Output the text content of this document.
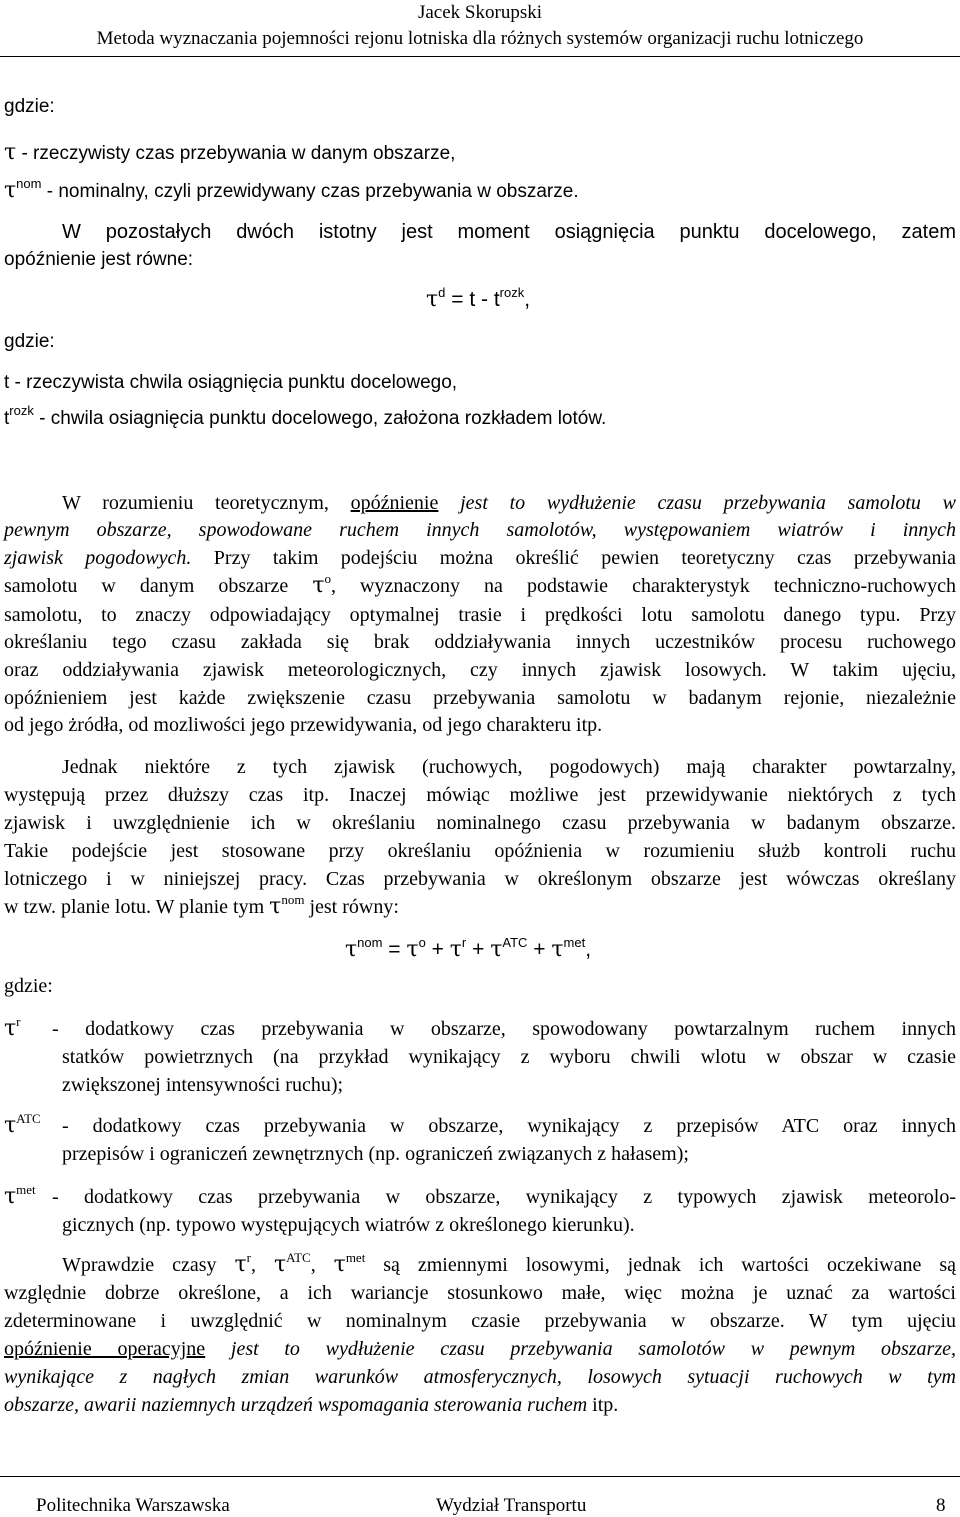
Jacek Skorupski
Metoda wyznaczania pojemności rejonu lotniska dla różnych systemów organizacji ruchu lotniczego
gdzie:
τ - rzeczywisty czas przebywania w danym obszarze,
$\tau^{nom}$ - nominalny, czyli przewidywany czas przebywania w obszarze.
W pozostałych dwóch istotny jest moment osiągnięcia punktu docelowego, zatem
opóźnienie jest równe:
$\tau^d = t - t^{rozk}$,
gdzie:
t - rzeczywista chwila osiągnięcia punktu docelowego,
$t^{rozk}$ - chwila osiagnięcia punktu docelowego, założona rozkładem lotów.
W rozumieniu teoretycznym, opóźnienie jest to wydłużenie czasu przebywania samolotu w
pewnym obszarze, spowodowane ruchem innych samolotów, występowaniem wiatrów i innych
zjawisk pogodowych. Przy takim podejściu można określić pewien teoretyczny czas przebywania
samolotu w danym obszarze $\tau^o$, wyznaczony na podstawie charakterystyk techniczno-ruchowych
samolotu, to znaczy odpowiadający optymalnej trasie i prędkości lotu samolotu danego typu. Przy
określaniu tego czasu zakłada się brak oddziaływania innych uczestników procesu ruchowego
oraz oddziaływania zjawisk meteorologicznych, czy innych zjawisk losowych. W takim ujęciu,
opóźnieniem jest każde zwiększenie czasu przebywania samolotu w badanym rejonie, niezależnie
od jego żródła, od mozliwości jego przewidywania, od jego charakteru itp.
Jednak niektóre z tych zjawisk (ruchowych, pogodowych) mają charakter powtarzalny,
występują przez dłuższy czas itp. Inaczej mówiąc możliwe jest przewidywanie niektórych z tych
zjawisk i uwzględnienie ich w określaniu nominalnego czasu przebywania w badanym obszarze.
Takie podejście jest stosowane przy określaniu opóźnienia w rozumieniu służb kontroli ruchu
lotniczego i w niniejszej pracy. Czas przebywania w określonym obszarze jest wówczas określany
w tzw. planie lotu. W planie tym $\tau^{nom}$ jest równy:
$\tau^{nom} = \tau^o + \tau^r + \tau^{ATC} + \tau^{met}$,
gdzie:
$\tau^r$ - dodatkowy czas przebywania w obszarze, spowodowany powtarzalnym ruchem innych
statków powietrznych (na przykład wynikający z wyboru chwili wlotu w obszar w czasie
zwiększonej intensywności ruchu);
$\tau^{ATC}$ - dodatkowy czas przebywania w obszarze, wynikający z przepisów ATC oraz innych
przepisów i ograniczeń zewnętrznych (np. ograniczeń związanych z hałasem);
$\tau^{met}$ - dodatkowy czas przebywania w obszarze, wynikający z typowych zjawisk meteorolo-
gicznych (np. typowo występujących wiatrów z określonego kierunku).
Wprawdzie czasy $\tau^r$, $\tau^{ATC}$, $\tau^{met}$ są zmiennymi losowymi, jednak ich wartości oczekiwane są
względnie dobrze określone, a ich wariancje stosunkowo małe, więc można je uznać za wartości
zdeterminowane i uwzględnić w nominalnym czasie przebywania w obszarze. W tym ujęciu
opóźnienie operacyjne jest to wydłużenie czasu przebywania samolotów w pewnym obszarze,
wynikające z nagłych zmian warunków atmosferycznych, losowych sytuacji ruchowych w tym
obszarze, awarii naziemnych urządzeń wspomagania sterowania ruchem itp.
Politechnika Warszawska	Wydział Transportu	8
